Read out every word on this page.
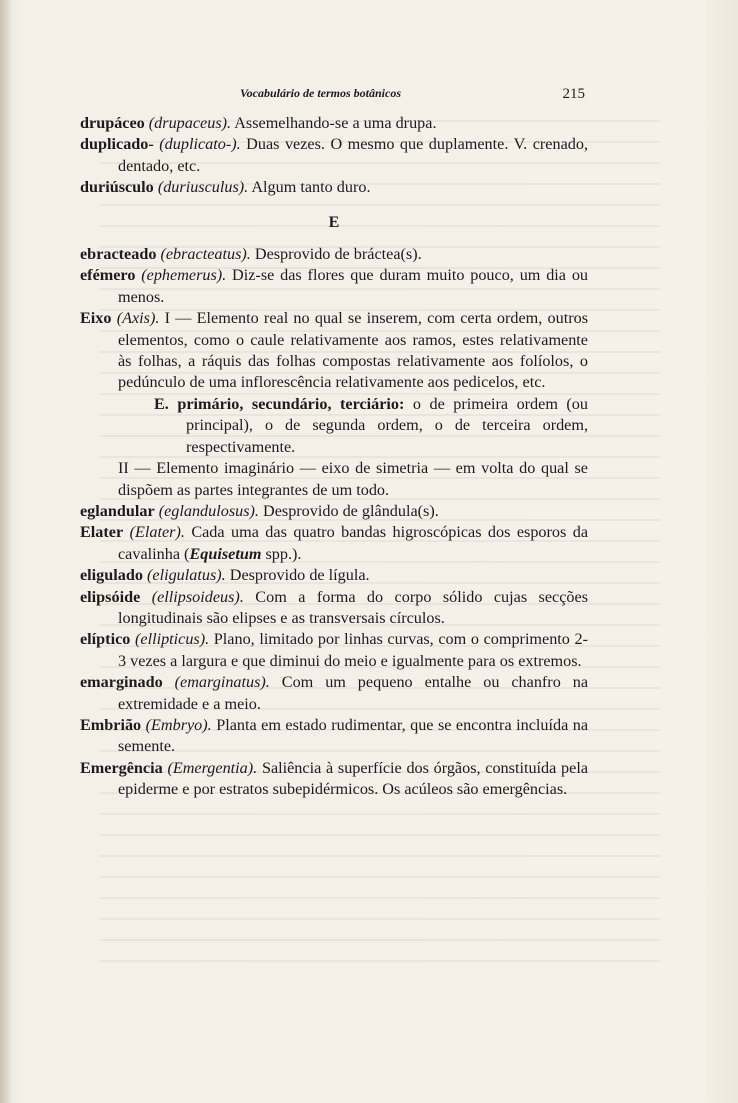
Vocabulário de termos botânicos	215

drupáceo (drupaceus). Assemelhando-se a uma drupa.

duplicado- (duplicato-). Duas vezes. O mesmo que duplamente. V. crenado, dentado, etc.

duriúsculo (duriusculus). Algum tanto duro.

E

ebracteado (ebracteatus). Desprovido de bráctea(s).

efémero (ephemerus). Diz-se das flores que duram muito pouco, um dia ou menos.

Eixo (Axis). I — Elemento real no qual se inserem, com certa ordem, outros elementos, como o caule relativamente aos ramos, estes relativamente às folhas, a ráquis das folhas compostas relativamente aos folíolos, o pedúnculo de uma inflorescência relativamente aos pedicelos, etc.

E. primário, secundário, terciário: o de primeira ordem (ou principal), o de segunda ordem, o de terceira ordem, respectivamente.

II — Elemento imaginário — eixo de simetria — em volta do qual se dispõem as partes integrantes de um todo.

eglandular (eglandulosus). Desprovido de glândula(s).

Elater (Elater). Cada uma das quatro bandas higroscópicas dos esporos da cavalinha (Equisetum spp.).

eligulado (eligulatus). Desprovido de lígula.

elipsóide (ellipsoideus). Com a forma do corpo sólido cujas secções longitudinais são elipses e as transversais círculos.

elíptico (ellipticus). Plano, limitado por linhas curvas, com o comprimento 2-3 vezes a largura e que diminui do meio e igualmente para os extremos.

emarginado (emarginatus). Com um pequeno entalhe ou chanfro na extremidade e a meio.

Embrião (Embryo). Planta em estado rudimentar, que se encontra incluída na semente.

Emergência (Emergentia). Saliência à superfície dos órgãos, constituída pela epiderme e por estratos subepidérmicos. Os acúleos são emergências.
